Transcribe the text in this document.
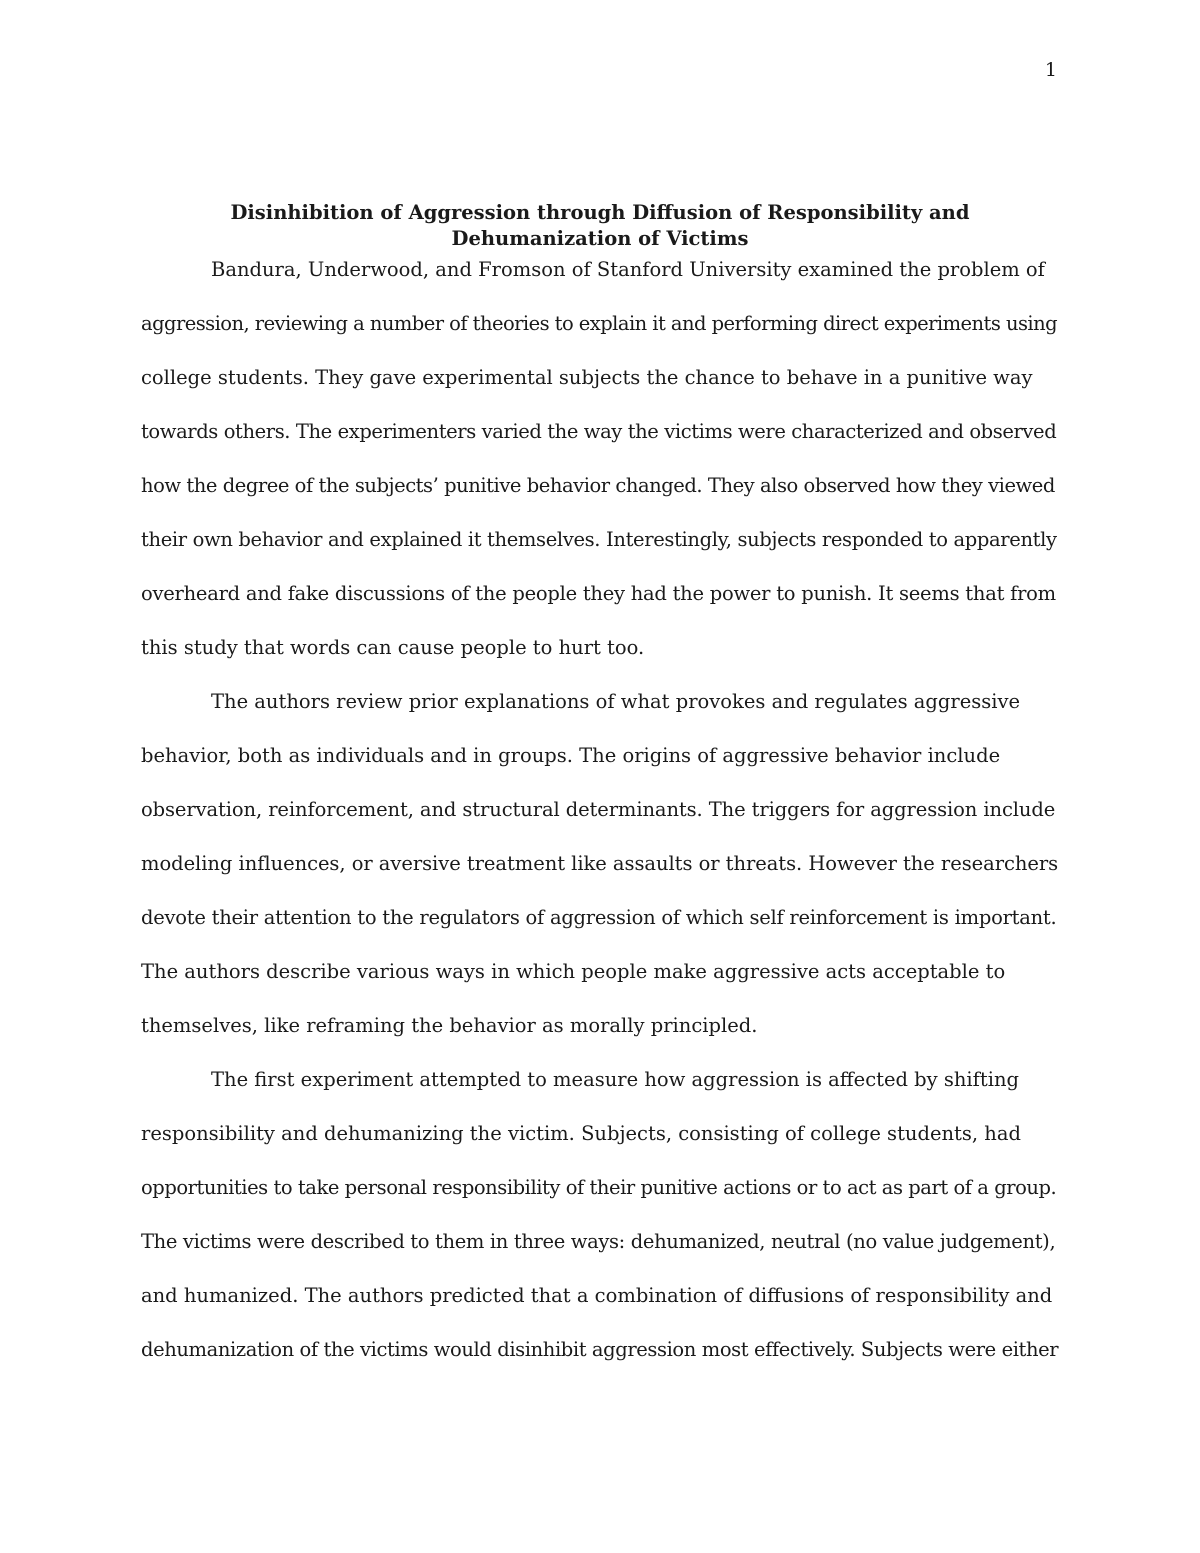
1
Disinhibition of Aggression through Diffusion of Responsibility and Dehumanization of Victims
Bandura, Underwood, and Fromson of Stanford University examined the problem of
aggression, reviewing a number of theories to explain it and performing direct experiments using
college students. They gave experimental subjects the chance to behave in a punitive way
towards others. The experimenters varied the way the victims were characterized and observed
how the degree of the subjects’ punitive behavior changed. They also observed how they viewed
their own behavior and explained it themselves. Interestingly, subjects responded to apparently
overheard and fake discussions of the people they had the power to punish. It seems that from
this study that words can cause people to hurt too.
The authors review prior explanations of what provokes and regulates aggressive
behavior, both as individuals and in groups. The origins of aggressive behavior include
observation, reinforcement, and structural determinants. The triggers for aggression include
modeling influences, or aversive treatment like assaults or threats. However the researchers
devote their attention to the regulators of aggression of which self reinforcement is important.
The authors describe various ways in which people make aggressive acts acceptable to
themselves, like reframing the behavior as morally principled.
The first experiment attempted to measure how aggression is affected by shifting
responsibility and dehumanizing the victim. Subjects, consisting of college students, had
opportunities to take personal responsibility of their punitive actions or to act as part of a group.
The victims were described to them in three ways: dehumanized, neutral (no value judgement),
and humanized. The authors predicted that a combination of diffusions of responsibility and
dehumanization of the victims would disinhibit aggression most effectively. Subjects were either
